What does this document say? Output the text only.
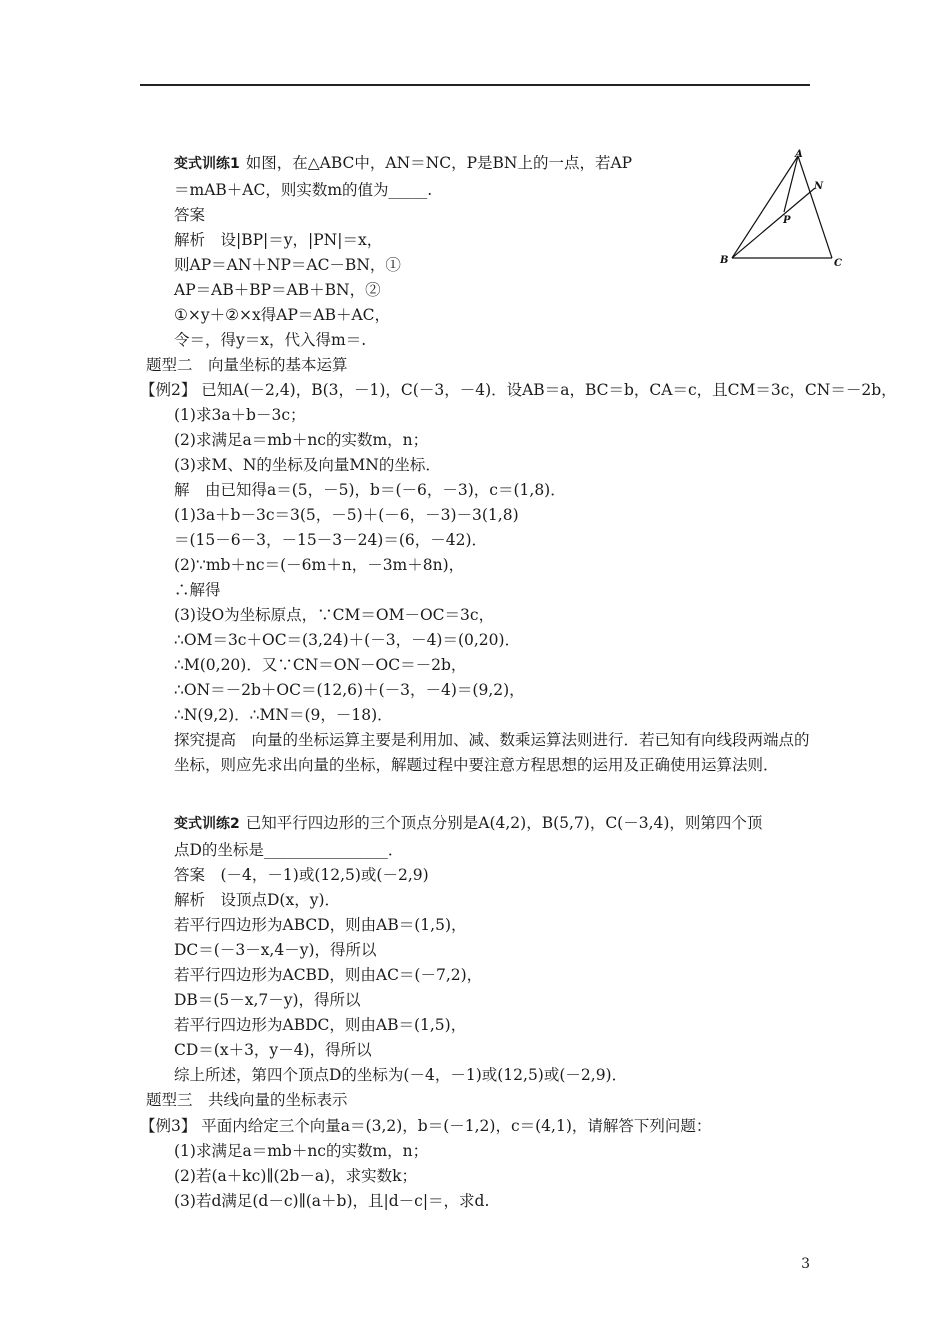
A
B	C
N
P
变式训练1 如图，在△ABC中，AN＝NC，P是BN上的一点，若AP
＝mAB＋AC，则实数m的值为_____.
答案
解析　设|BP|＝y，|PN|＝x，
则AP＝AN＋NP＝AC－BN，①
AP＝AB＋BP＝AB＋BN，②
①×y＋②×x得AP＝AB＋AC，
令＝，得y＝x，代入得m＝.
题型二　向量坐标的基本运算
【例2】 已知A(－2,4)，B(3，－1)，C(－3，－4)．设AB＝a，BC＝b，CA＝c，且CM＝3c，CN＝－2b，
(1)求3a＋b－3c；
(2)求满足a＝mb＋nc的实数m，n；
(3)求M、N的坐标及向量MN的坐标．
解　由已知得a＝(5，－5)，b＝(－6，－3)，c＝(1,8)．
(1)3a＋b－3c＝3(5，－5)＋(－6，－3)－3(1,8)
＝(15－6－3，－15－3－24)＝(6，－42)．
(2)∵mb＋nc＝(－6m＋n，－3m＋8n)，
∴解得
(3)设O为坐标原点，∵CM＝OM－OC＝3c，
∴OM＝3c＋OC＝(3,24)＋(－3，－4)＝(0,20)．
∴M(0,20)．又∵CN＝ON－OC＝－2b，
∴ON＝－2b＋OC＝(12,6)＋(－3，－4)＝(9,2)，
∴N(9,2)．∴MN＝(9，－18)．
探究提高　向量的坐标运算主要是利用加、减、数乘运算法则进行．若已知有向线段两端点的坐标，则应先求出向量的坐标，解题过程中要注意方程思想的运用及正确使用运算法则．
变式训练2 已知平行四边形的三个顶点分别是A(4,2)，B(5,7)，C(－3,4)，则第四个顶
点D的坐标是________________．
答案　(－4，－1)或(12,5)或(－2,9)
解析　设顶点D(x，y)．
若平行四边形为ABCD，则由AB＝(1,5)，
DC＝(－3－x,4－y)，得所以
若平行四边形为ACBD，则由AC＝(－7,2)，
DB＝(5－x,7－y)，得所以
若平行四边形为ABDC，则由AB＝(1,5)，
CD＝(x＋3，y－4)，得所以
综上所述，第四个顶点D的坐标为(－4，－1)或(12,5)或(－2,9)．
题型三　共线向量的坐标表示
【例3】 平面内给定三个向量a＝(3,2)，b＝(－1,2)，c＝(4,1)，请解答下列问题：
(1)求满足a＝mb＋nc的实数m，n；
(2)若(a＋kc)∥(2b－a)，求实数k；
(3)若d满足(d－c)∥(a＋b)，且|d－c|＝，求d.
3
